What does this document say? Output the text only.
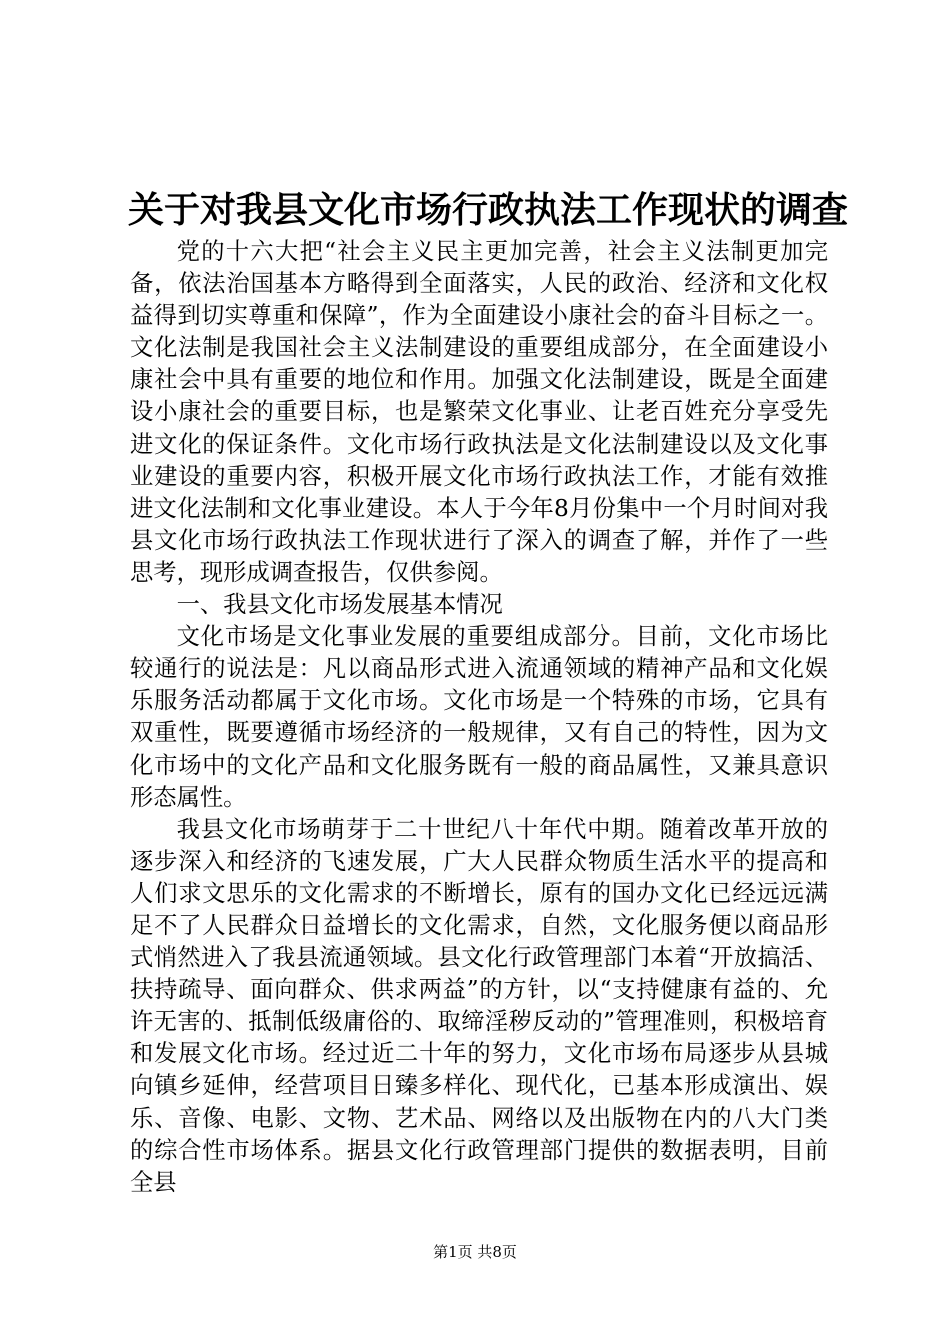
关于对我县文化市场行政执法工作现状的调查

党的十六大把“社会主义民主更加完善，社会主义法制更加完备，依法治国基本方略得到全面落实，人民的政治、经济和文化权益得到切实尊重和保障”，作为全面建设小康社会的奋斗目标之一。文化法制是我国社会主义法制建设的重要组成部分，在全面建设小康社会中具有重要的地位和作用。加强文化法制建设，既是全面建设小康社会的重要目标，也是繁荣文化事业、让老百姓充分享受先进文化的保证条件。文化市场行政执法是文化法制建设以及文化事业建设的重要内容，积极开展文化市场行政执法工作，才能有效推进文化法制和文化事业建设。本人于今年8月份集中一个月时间对我县文化市场行政执法工作现状进行了深入的调查了解，并作了一些思考，现形成调查报告，仅供参阅。

一、我县文化市场发展基本情况

文化市场是文化事业发展的重要组成部分。目前，文化市场比较通行的说法是：凡以商品形式进入流通领域的精神产品和文化娱乐服务活动都属于文化市场。文化市场是一个特殊的市场，它具有双重性，既要遵循市场经济的一般规律，又有自己的特性，因为文化市场中的文化产品和文化服务既有一般的商品属性，又兼具意识形态属性。

我县文化市场萌芽于二十世纪八十年代中期。随着改革开放的逐步深入和经济的飞速发展，广大人民群众物质生活水平的提高和人们求文思乐的文化需求的不断增长，原有的国办文化已经远远满足不了人民群众日益增长的文化需求，自然，文化服务便以商品形式悄然进入了我县流通领域。县文化行政管理部门本着“开放搞活、扶持疏导、面向群众、供求两益”的方针，以“支持健康有益的、允许无害的、抵制低级庸俗的、取缔淫秽反动的”管理准则，积极培育和发展文化市场。经过近二十年的努力，文化市场布局逐步从县城向镇乡延伸，经营项目日臻多样化、现代化，已基本形成演出、娱乐、音像、电影、文物、艺术品、网络以及出版物在内的八大门类的综合性市场体系。据县文化行政管理部门提供的数据表明，目前全县

第1页 共8页
